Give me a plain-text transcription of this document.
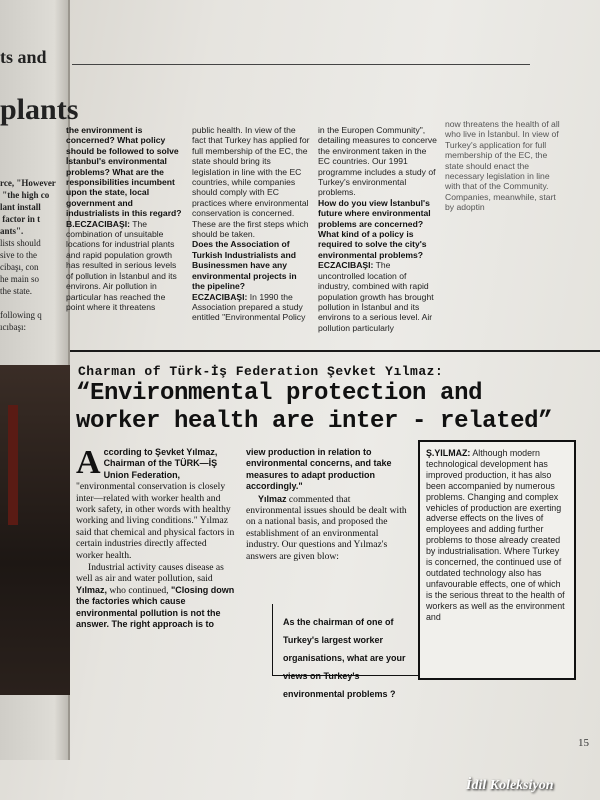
ts and
plants
rce, "However
"the high co
lant install
factor in t
ants".
lists should
sive to the
cibaşı, con
he main so
the state.
following q
ıcıbaşı:
the environment is concerned? What policy should be followed to solve İstanbul's environmental problems? What are the responsibilities incumbent upon the state, local government and industrialists in this regard?
B.ECZACIBAŞI: The combination of unsuitable locations for industrial plants and rapid population growth has resulted in serious levels of pollution in İstanbul and its environs. Air pollution in particular has reached the point where it threatens
public health. In view of the fact that Turkey has applied for full membership of the EC, the state should bring its legislation in line with the EC countries, while companies should comply with EC practices where environmental conservation is concerned. These are the first steps which should be taken.
Does the Association of Turkish Industrialists and Businessmen have any environmental projects in the pipeline?
ECZACIBAŞI: In 1990 the Association prepared a study entitled "Environmental Policy
in the Europen Community", detailing measures to concerve the environment taken in the EC countries. Our 1991 programme includes a study of Turkey's environmental problems.
How do you view İstanbul's future where environmental problems are concerned? What kind of a policy is required to solve the city's environmental problems?
ECZACIBAŞI: The uncontrolled location of industry, combined with rapid population growth has brought pollution in İstanbul and its environs to a serious level. Air pollution particularly
now threatens the health of all who live in İstanbul. In view of Turkey's application for full membership of the EC, the state should enact the necessary legislation in line with that of the Community. Companies, meanwhile, start by adoptin
Charman of Türk-İş Federation Şevket Yılmaz:
“Environmental protection and
worker health are inter - related”

According to Şevket Yılmaz, Chairman of the TÜRK—İŞ Union Federation, "environmental conservation is closely inter—related with worker health and work safety, in other words with healthy working and living conditions." Yılmaz said that chemical and physical factors in certain industries directly affected worker health.

Industrial activity causes disease as well as air and water pollution, said Yılmaz, who continued, "Closing down the factories which cause environmental pollution is not the answer. The right approach is to

view production in relation to environmental concerns, and take measures to adapt production accordingly."

Yılmaz commented that environmental issues should be dealt with on a national basis, and proposed the establishment of an environmental industry. Our questions and Yılmaz's answers are given blow:

As the chairman of one of Turkey's largest worker organisations, what are your views on Turkey's environmental problems ?
Ş.YILMAZ: Although modern technological development has improved production, it has also been accompanied by numerous problems. Changing and complex vehicles of production are exerting adverse effects on the lives of employees and adding further problems to those already created by industrialisation. Where Turkey is concerned, the continued use of outdated technology also has unfavourable effects, one of which is the serious threat to the health of workers as well as the environment and
15
İdil Koleksiyon
